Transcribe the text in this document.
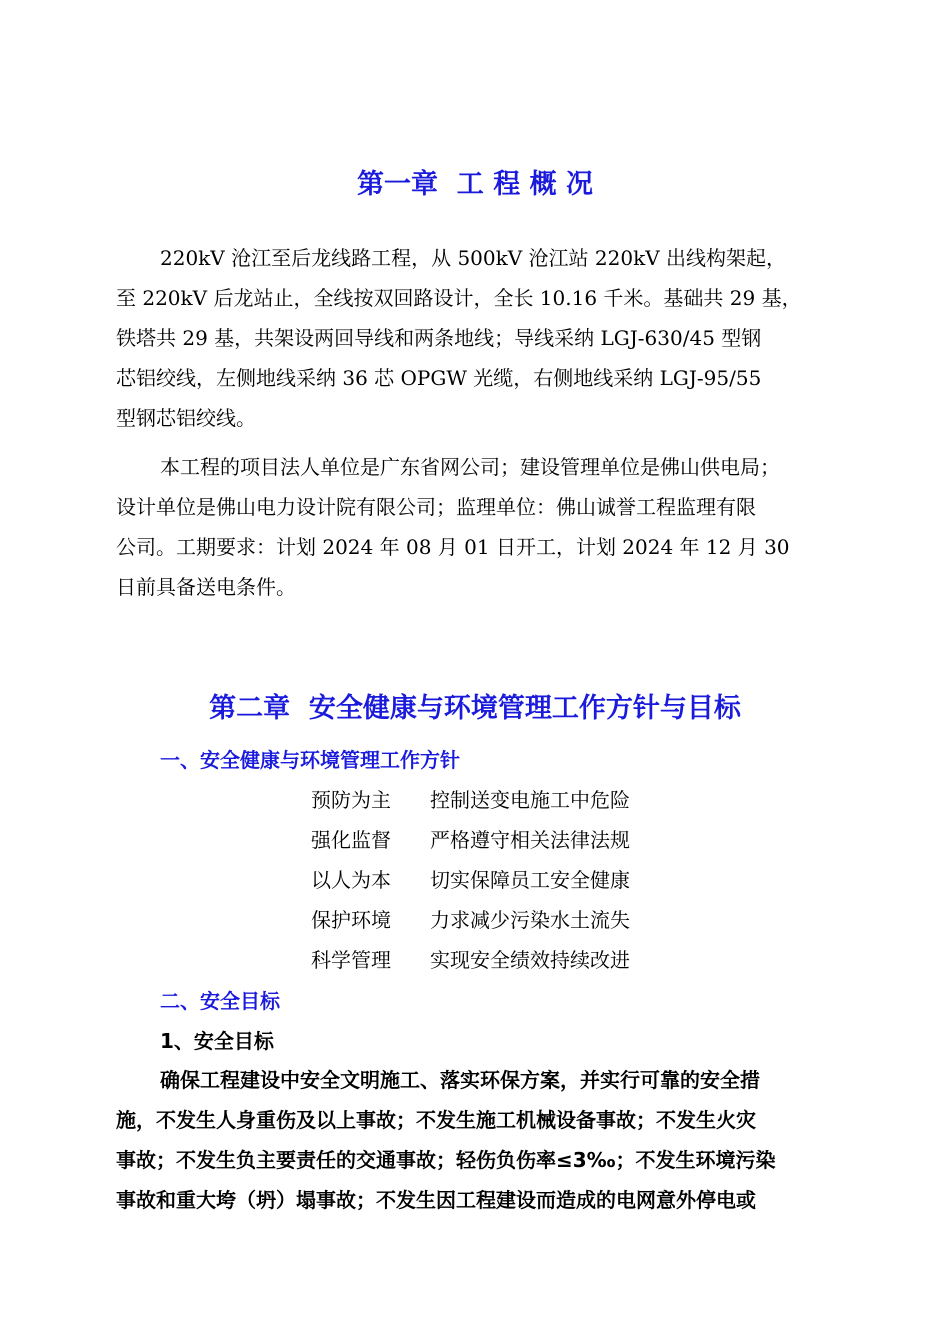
第一章  工 程 概 况
220kV 沧江至后龙线路工程，从 500kV 沧江站 220kV 出线构架起，
至 220kV 后龙站止，全线按双回路设计，全长 10.16 千米。基础共 29 基，
铁塔共 29 基，共架设两回导线和两条地线；导线采纳 LGJ-630/45 型钢
芯铝绞线，左侧地线采纳 36 芯 OPGW 光缆，右侧地线采纳 LGJ-95/55
型钢芯铝绞线。
本工程的项目法人单位是广东省网公司；建设管理单位是佛山供电局；
设计单位是佛山电力设计院有限公司；监理单位：佛山诚誉工程监理有限
公司。工期要求：计划 2024 年 08 月 01 日开工，计划 2024 年 12 月 30
日前具备送电条件。
第二章  安全健康与环境管理工作方针与目标
一、安全健康与环境管理工作方针
预防为主 控制送变电施工中危险
强化监督 严格遵守相关法律法规
以人为本 切实保障员工安全健康
保护环境 力求减少污染水土流失
科学管理 实现安全绩效持续改进
二、安全目标
1、安全目标
确保工程建设中安全文明施工、落实环保方案，并实行可靠的安全措
施，不发生人身重伤及以上事故；不发生施工机械设备事故；不发生火灾
事故；不发生负主要责任的交通事故；轻伤负伤率≤3‰；不发生环境污染
事故和重大垮（坍）塌事故；不发生因工程建设而造成的电网意外停电或
